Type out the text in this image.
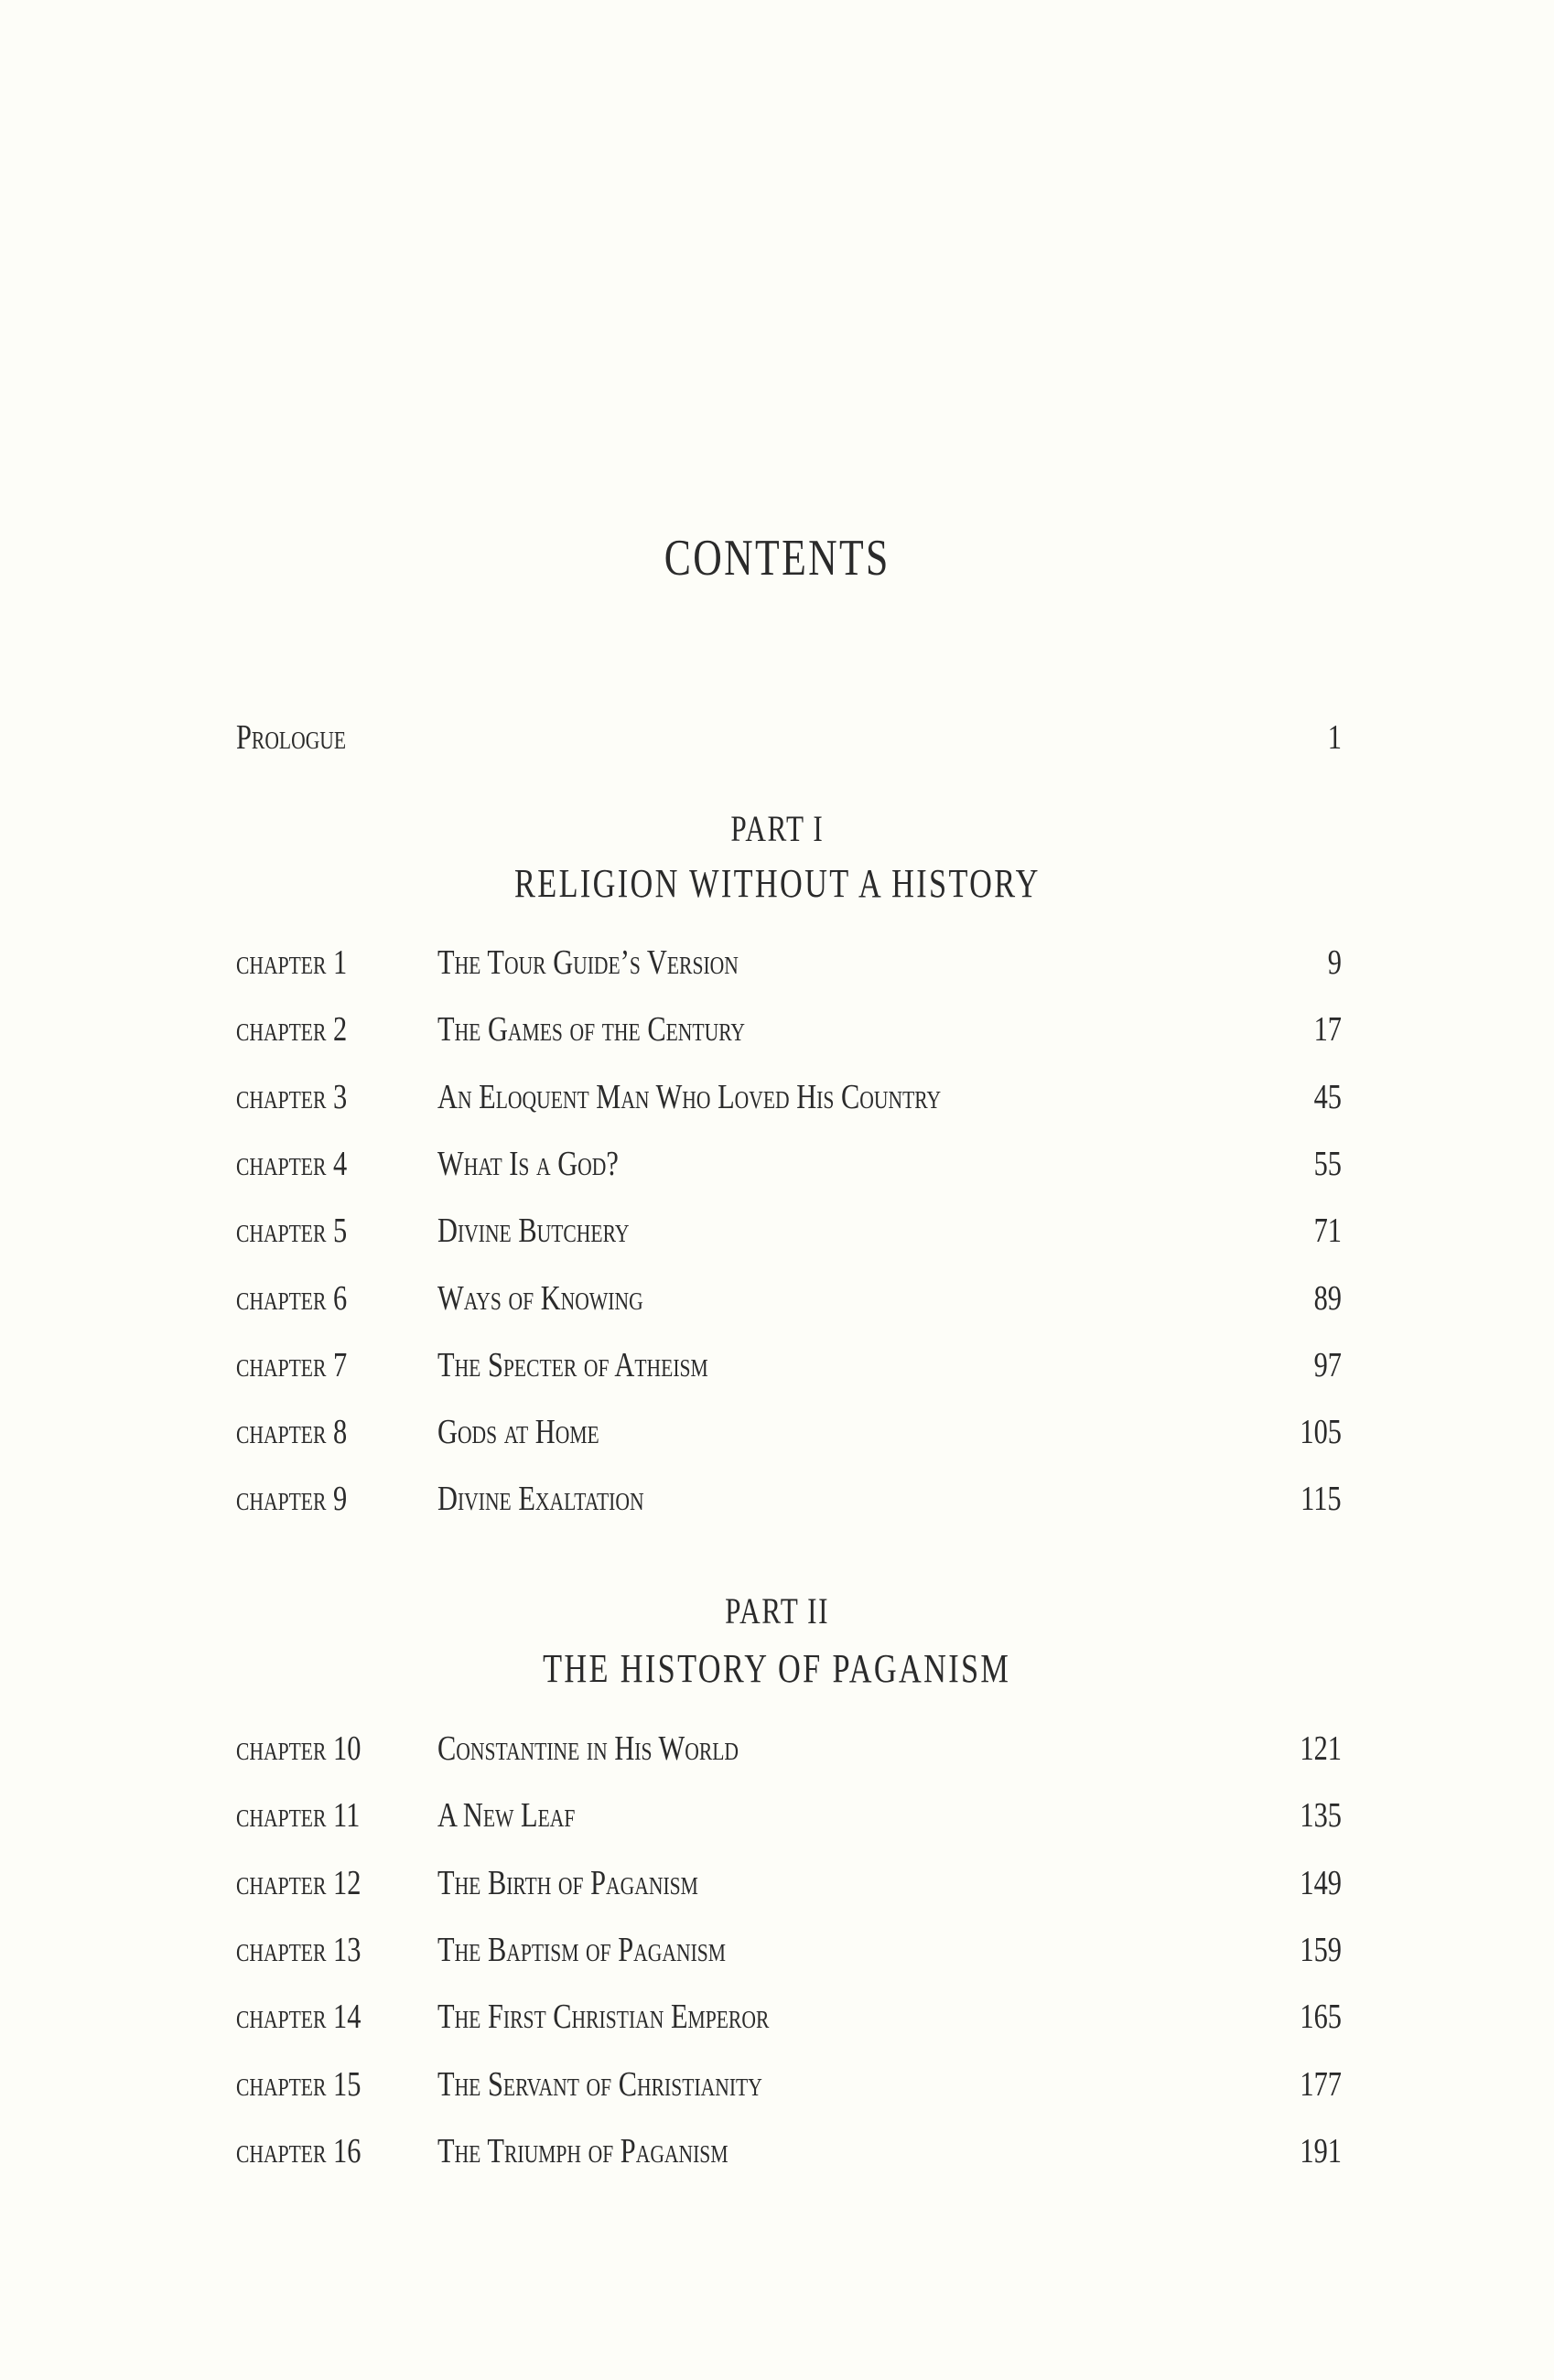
CONTENTS
Prologue	1
PART I
RELIGION WITHOUT A HISTORY
chapter 1	The Tour Guide’s Version	9
chapter 2	The Games of the Century	17
chapter 3	An Eloquent Man Who Loved His Country	45
chapter 4	What Is a God?	55
chapter 5	Divine Butchery	71
chapter 6	Ways of Knowing	89
chapter 7	The Specter of Atheism	97
chapter 8	Gods at Home	105
chapter 9	Divine Exaltation	115
PART II
THE HISTORY OF PAGANISM
chapter 10 Constantine in His World	121
chapter 11 A New Leaf	135
chapter 12 The Birth of Paganism	149
chapter 13 The Baptism of Paganism	159
chapter 14 The First Christian Emperor	165
chapter 15 The Servant of Christianity	177
chapter 16 The Triumph of Paganism	191
